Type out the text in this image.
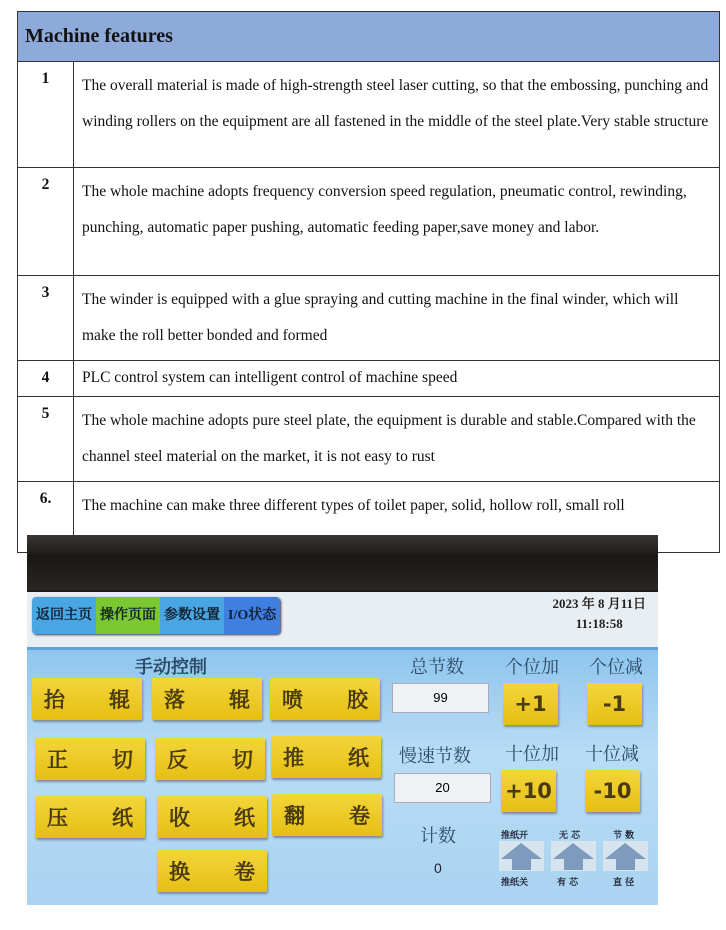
Machine features	
1	The overall material is made of high-strength steel laser cutting, so that the embossing, punching and winding rollers on the equipment are all fastened in the middle of the steel plate.Very stable structure
2	The whole machine adopts frequency conversion speed regulation, pneumatic control, rewinding, punching, automatic paper pushing, automatic feeding paper,save money and labor.
3	The winder is equipped with a glue spraying and cutting machine in the final winder, which will make the roll better bonded and formed
4	PLC control system can intelligent control of machine speed
5	The whole machine adopts pure steel plate, the equipment is durable and stable.Compared with the channel steel material on the market, it is not easy to rust
6.	The machine can make three different types of toilet paper, solid, hollow roll, small roll
返回主页 操作页面 参数设置 I/O状态
2023 年 8 月11日
11:18:58
手动控制
抬 辊 落 辊 喷 胶
正 切 反 切 推 纸
压 纸 收 纸 翻 卷
换 卷
总节数
99
慢速节数
20
计数
0
个位加 个位减
+1	-1
十位加 十位减
+10	-10
推纸开	无 芯	节 数
推纸关	有 芯	直 径
